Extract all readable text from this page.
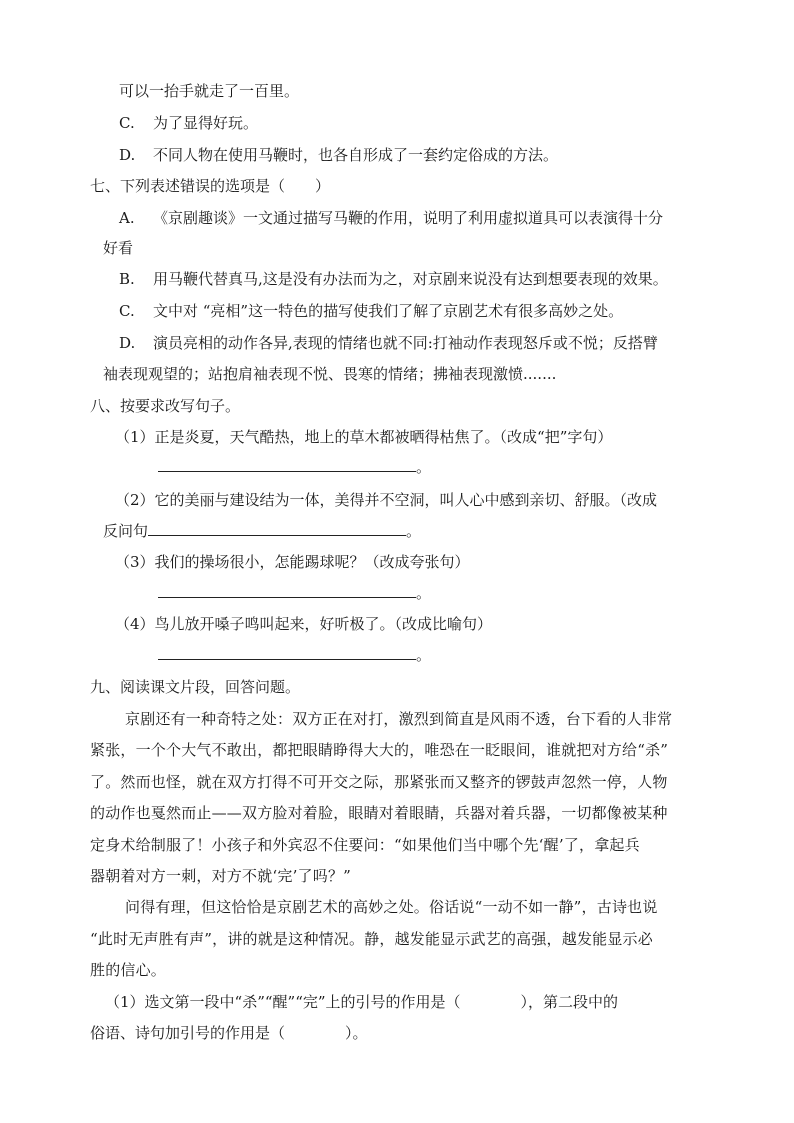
可以一抬手就走了一百里。
C. 为了显得好玩。
D. 不同人物在使用马鞭时，也各自形成了一套约定俗成的方法。
七、下列表述错误的选项是（　　）
A. 《京剧趣谈》一文通过描写马鞭的作用，说明了利用虚拟道具可以表演得十分
好看
B. 用马鞭代替真马,这是没有办法而为之，对京剧来说没有达到想要表现的效果。
C. 文中对 “亮相”这一特色的描写使我们了解了京剧艺术有很多高妙之处。
D. 演员亮相的动作各异,表现的情绪也就不同:打袖动作表现怒斥或不悦；反搭臂
袖表现观望的；站抱肩袖表现不悦、畏寒的情绪；拂袖表现激愤.......
八、按要求改写句子。
（1）正是炎夏，天气酷热，地上的草木都被晒得枯焦了。（改成“把”字句）
。
（2）它的美丽与建设结为一体，美得并不空洞，叫人心中感到亲切、舒服。（改成
反问句	。
（3）我们的操场很小，怎能踢球呢？（改成夸张句）
。
（4）鸟儿放开嗓子鸣叫起来，好听极了。（改成比喻句）
。
九、阅读课文片段，回答问题。
京剧还有一种奇特之处：双方正在对打，激烈到简直是风雨不透，台下看的人非常
紧张，一个个大气不敢出，都把眼睛睁得大大的，唯恐在一眨眼间，谁就把对方给“杀”
了。然而也怪，就在双方打得不可开交之际，那紧张而又整齐的锣鼓声忽然一停，人物
的动作也戛然而止——双方脸对着脸，眼睛对着眼睛，兵器对着兵器，一切都像被某种
定身术给制服了！小孩子和外宾忍不住要问：“如果他们当中哪个先‘醒’了，拿起兵
器朝着对方一刺，对方不就‘完’了吗？”
问得有理，但这恰恰是京剧艺术的高妙之处。俗话说“一动不如一静”，古诗也说
“此时无声胜有声”，讲的就是这种情况。静，越发能显示武艺的高强，越发能显示必
胜的信心。
（1）选文第一段中“杀”“醒”“完”上的引号的作用是（　　　　），第二段中的
俗语、诗句加引号的作用是（　　　　）。
